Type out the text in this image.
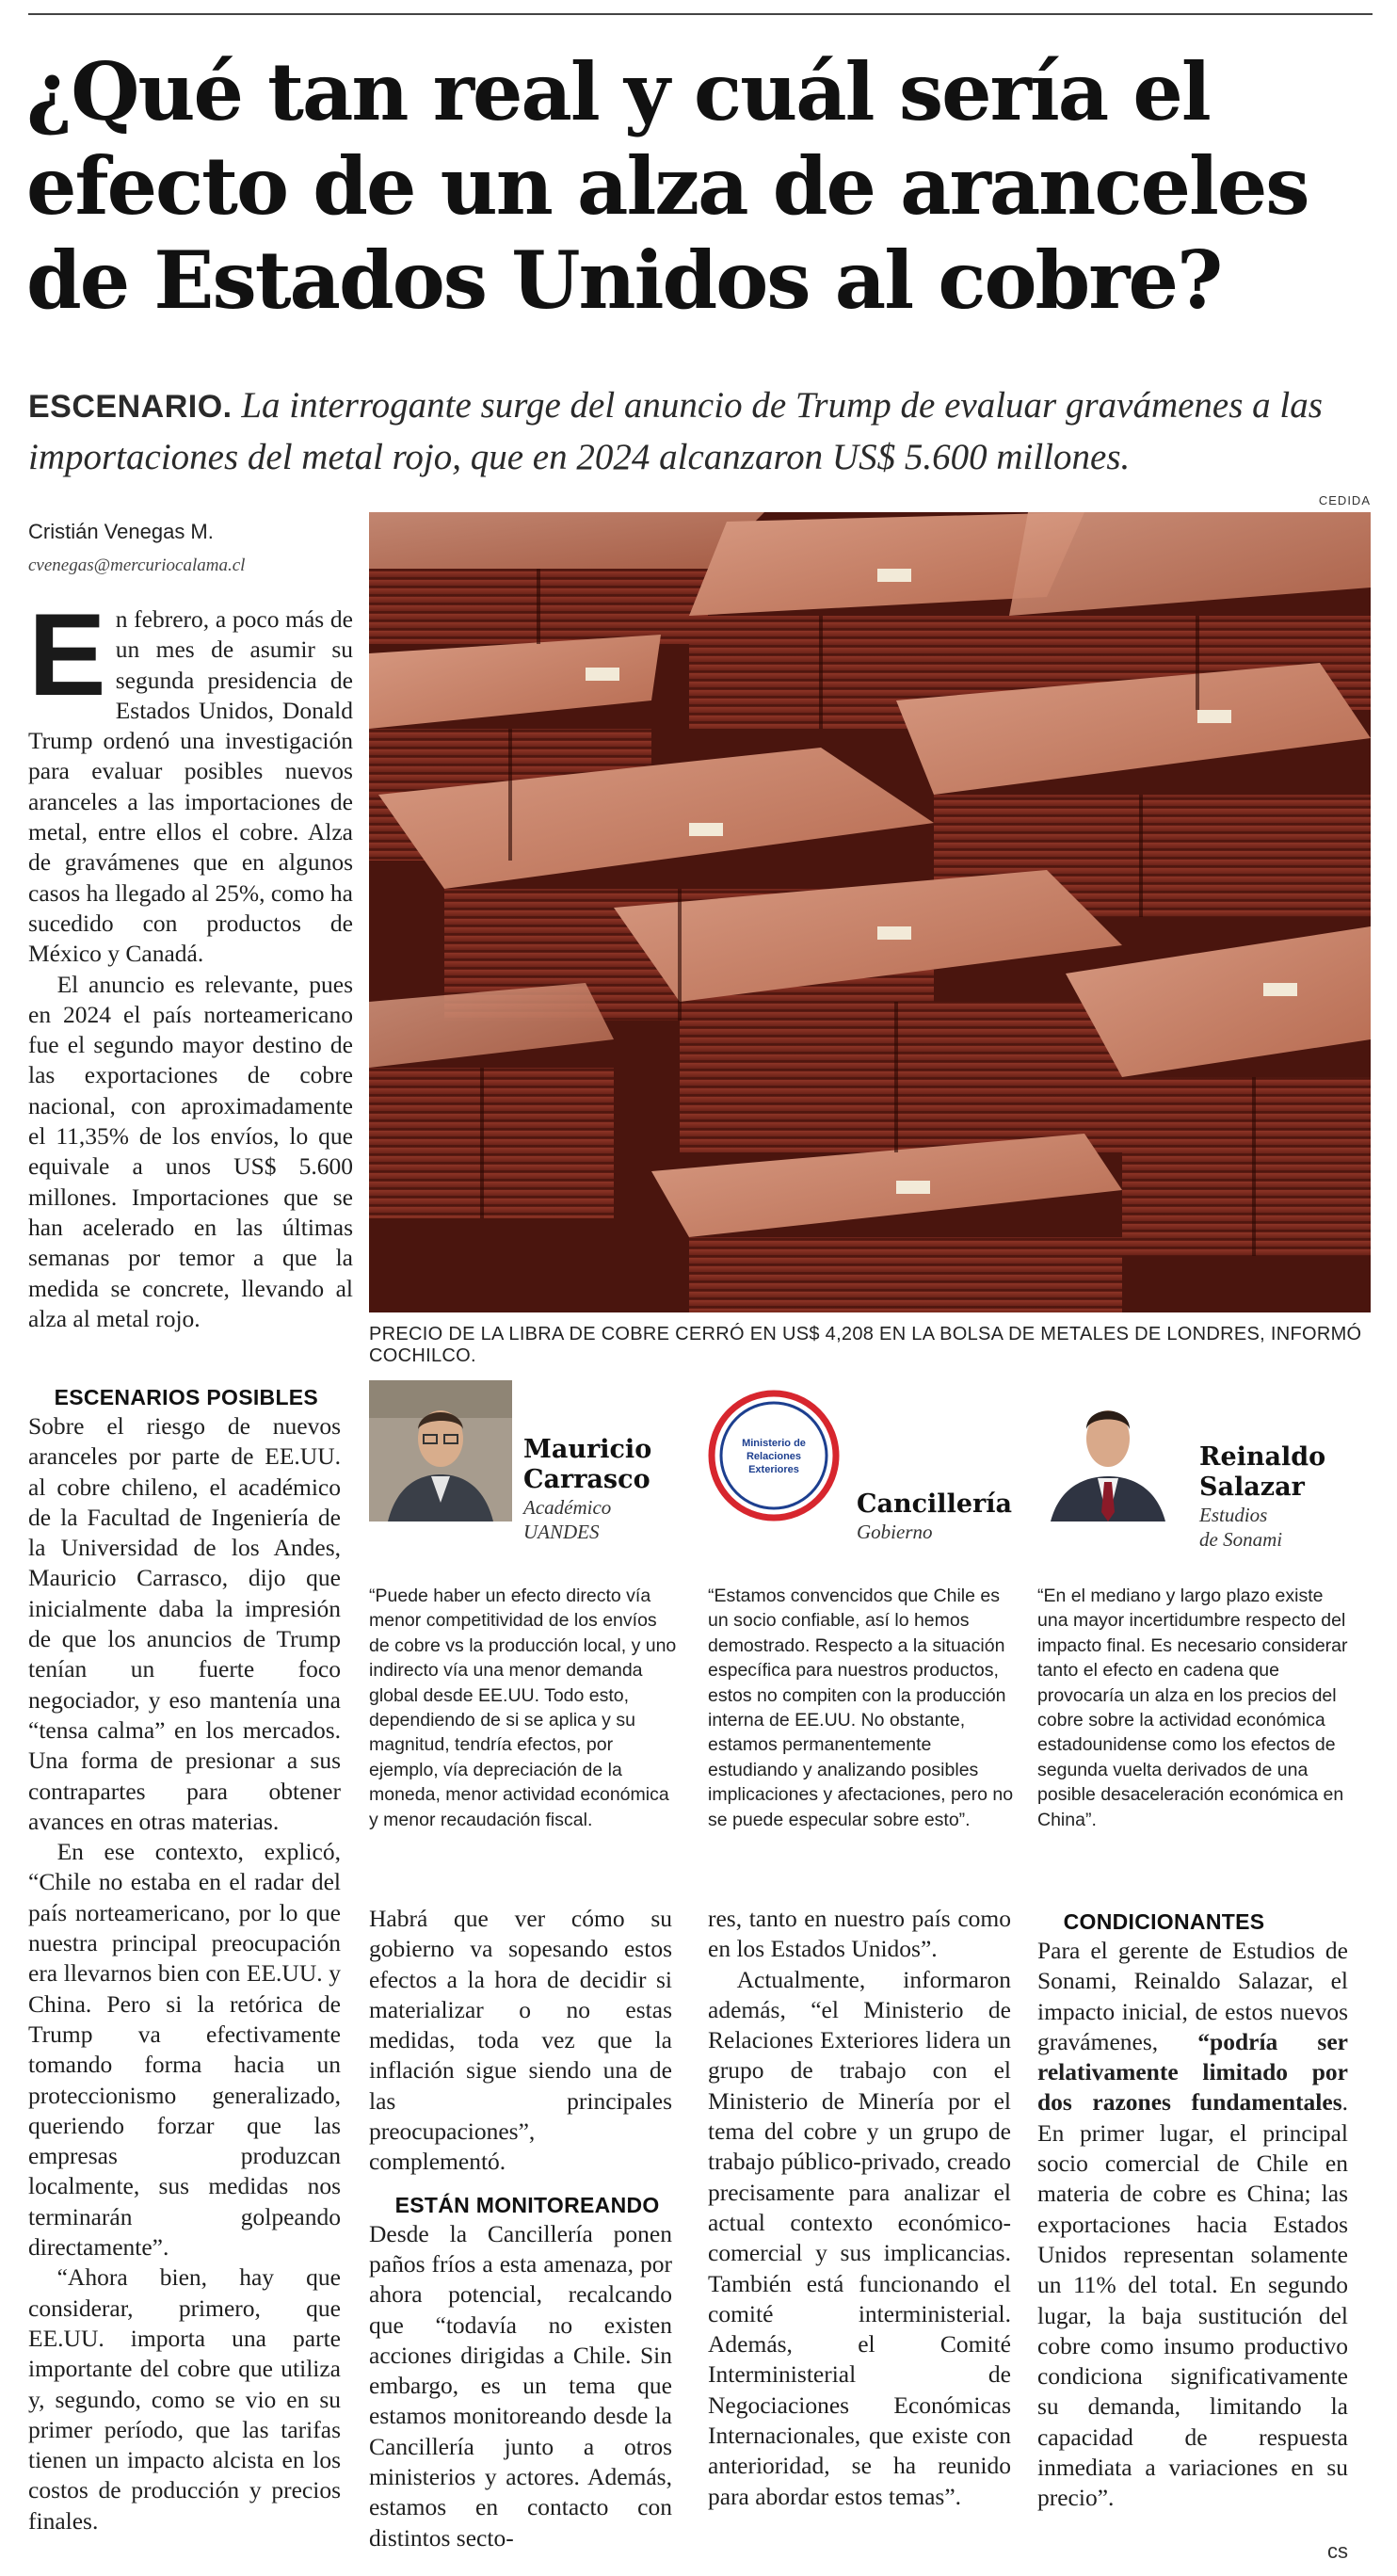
¿Qué tan real y cuál sería el
efecto de un alza de aranceles
de Estados Unidos al cobre?

ESCENARIO. La interrogante surge del anuncio de Trump de evaluar gravámenes a las importaciones del metal rojo, que en 2024 alcanzaron US$ 5.600 millones.

CEDIDA
PRECIO DE LA LIBRA DE COBRE CERRÓ EN US$ 4,208 EN LA BOLSA DE METALES DE LONDRES, INFORMÓ COCHILCO.
Cristián Venegas M.
cvenegas@mercuriocalama.cl

En febrero, a poco más de un mes de asumir su segunda presidencia de Estados Unidos, Donald Trump ordenó una investigación para evaluar posibles nuevos aranceles a las importaciones de metal, entre ellos el cobre. Alza de gravámenes que en algunos casos ha llegado al 25%, como ha sucedido con productos de México y Canadá.

El anuncio es relevante, pues en 2024 el país norteamericano fue el segundo mayor destino de las exportaciones de cobre nacional, con aproximadamente el 11,35% de los envíos, lo que equivale a unos US$ 5.600 millones. Importaciones que se han acelerado en las últimas semanas por temor a que la medida se concrete, llevando al alza al metal rojo.

ESCENARIOS POSIBLES

Sobre el riesgo de nuevos aranceles por parte de EE.UU. al cobre chileno, el académico de la Facultad de Ingeniería de la Universidad de los Andes, Mauricio Carrasco, dijo que inicialmente daba la impresión de que los anuncios de Trump tenían un fuerte foco negociador, y eso mantenía una “tensa calma” en los mercados. Una forma de presionar a sus contrapartes para obtener avances en otras materias.

En ese contexto, explicó, “Chile no estaba en el radar del país norteamericano, por lo que nuestra principal preocupación era llevarnos bien con EE.UU. y China. Pero si la retórica de Trump va efectivamente tomando forma hacia un proteccionismo generalizado, queriendo forzar que las empresas produzcan localmente, sus medidas nos terminarán golpeando directamente”.

“Ahora bien, hay que considerar, primero, que EE.UU. importa una parte importante del cobre que utiliza y, segundo, como se vio en su primer período, que las tarifas tienen un impacto alcista en los costos de producción y precios finales.

Mauricio
Carrasco
Académico
UANDES
Ministerio de
Relaciones
Exteriores
Cancillería
Gobierno
Reinaldo
Salazar
Estudios
de Sonami

“Puede haber un efecto directo vía menor competitividad de los envíos de cobre vs la producción local, y uno indirecto vía una menor demanda global desde EE.UU. Todo esto, dependiendo de si se aplica y su magnitud, tendría efectos, por ejemplo, vía depreciación de la moneda, menor actividad económica y menor recaudación fiscal.

“Estamos convencidos que Chile es un socio confiable, así lo hemos demostrado. Respecto a la situación específica para nuestros productos, estos no compiten con la producción interna de EE.UU. No obstante, estamos permanentemente estudiando y analizando posibles implicaciones y afectaciones, pero no se puede especular sobre esto”.

“En el mediano y largo plazo existe una mayor incertidumbre respecto del impacto final. Es necesario considerar tanto el efecto en cadena que provocaría un alza en los precios del cobre sobre la actividad económica estadounidense como los efectos de segunda vuelta derivados de una posible desaceleración económica en China”.

Habrá que ver cómo su gobierno va sopesando estos efectos a la hora de decidir si materializar o no estas medidas, toda vez que la inflación sigue siendo una de las principales preocupaciones”, complementó.

ESTÁN MONITOREANDO

Desde la Cancillería ponen paños fríos a esta amenaza, por ahora potencial, recalcando que “todavía no existen acciones dirigidas a Chile. Sin embargo, es un tema que estamos monitoreando desde la Cancillería junto a otros ministerios y actores. Además, estamos en contacto con distintos secto-

res, tanto en nuestro país como en los Estados Unidos”.

Actualmente, informaron además, “el Ministerio de Relaciones Exteriores lidera un grupo de trabajo con el Ministerio de Minería por el tema del cobre y un grupo de trabajo público-privado, creado precisamente para analizar el actual contexto económico-comercial y sus implicancias. También está funcionando el comité interministerial. Además, el Comité Interministerial de Negociaciones Económicas Internacionales, que existe con anterioridad, se ha reunido para abordar estos temas”.

CONDICIONANTES

Para el gerente de Estudios de Sonami, Reinaldo Salazar, el impacto inicial, de estos nuevos gravámenes, “podría ser relativamente limitado por dos razones fundamentales. En primer lugar, el principal socio comercial de Chile en materia de cobre es China; las exportaciones hacia Estados Unidos representan solamente un 11% del total. En segundo lugar, la baja sustitución del cobre como insumo productivo condiciona significativamente su demanda, limitando la capacidad de respuesta inmediata a variaciones en su precio”.

cs
